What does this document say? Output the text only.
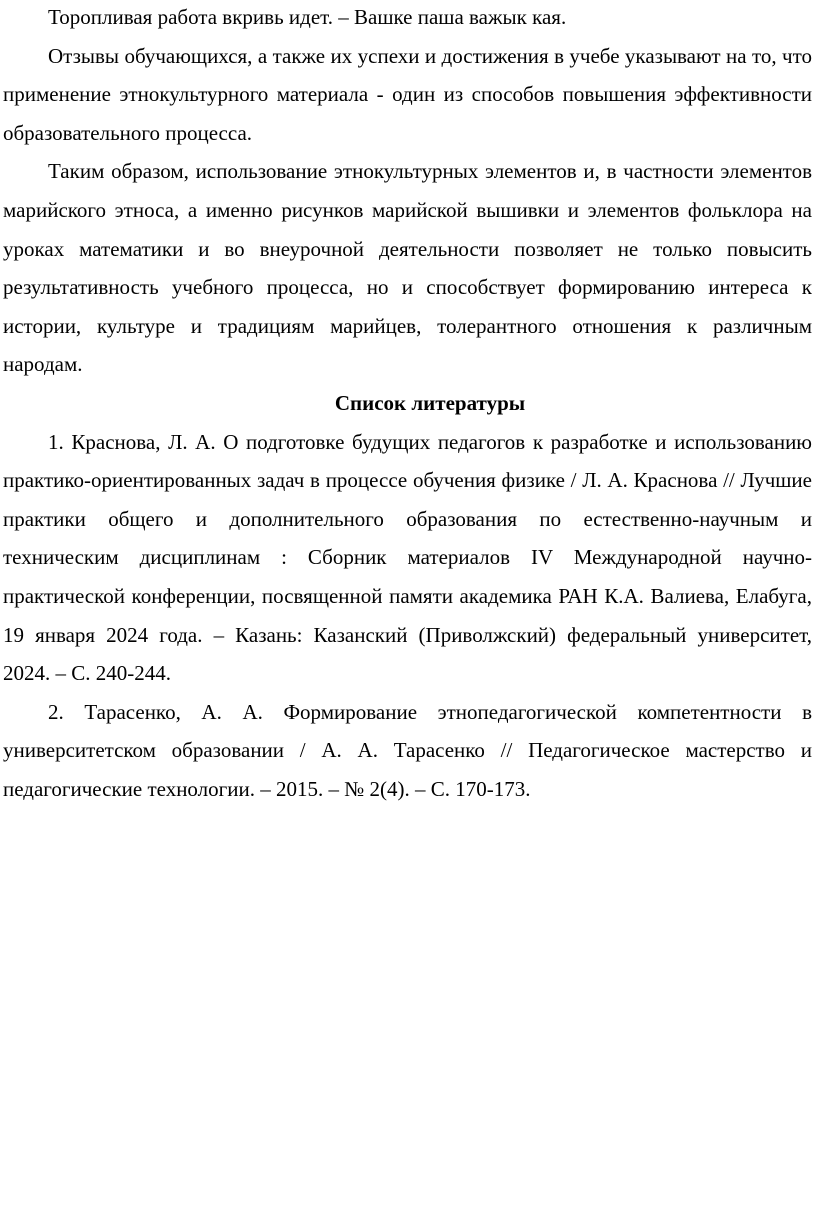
Торопливая работа вкривь идет. – Вашке паша важык кая.

Отзывы обучающихся, а также их успехи и достижения в учебе указывают на то, что применение этнокультурного материала - один из способов повышения эффективности образовательного процесса.

Таким образом, использование этнокультурных элементов и, в частности элементов марийского этноса, а именно рисунков марийской вышивки и элементов фольклора на уроках математики и во внеурочной деятельности позволяет не только повысить результативность учебного процесса, но и способствует формированию интереса к истории, культуре и традициям марийцев, толерантного отношения к различным народам.

Список литературы

1. Краснова, Л. А. О подготовке будущих педагогов к разработке и использованию практико-ориентированных задач в процессе обучения физике / Л. А. Краснова // Лучшие практики общего и дополнительного образования по естественно-научным и техническим дисциплинам : Сборник материалов IV Международной научно-практической конференции, посвященной памяти академика РАН К.А. Валиева, Елабуга, 19 января 2024 года. – Казань: Казанский (Приволжский) федеральный университет, 2024. – С. 240-244.

2. Тарасенко, А. А. Формирование этнопедагогической компетентности в университетском образовании / А. А. Тарасенко // Педагогическое мастерство и педагогические технологии. – 2015. – № 2(4). – С. 170-173.
